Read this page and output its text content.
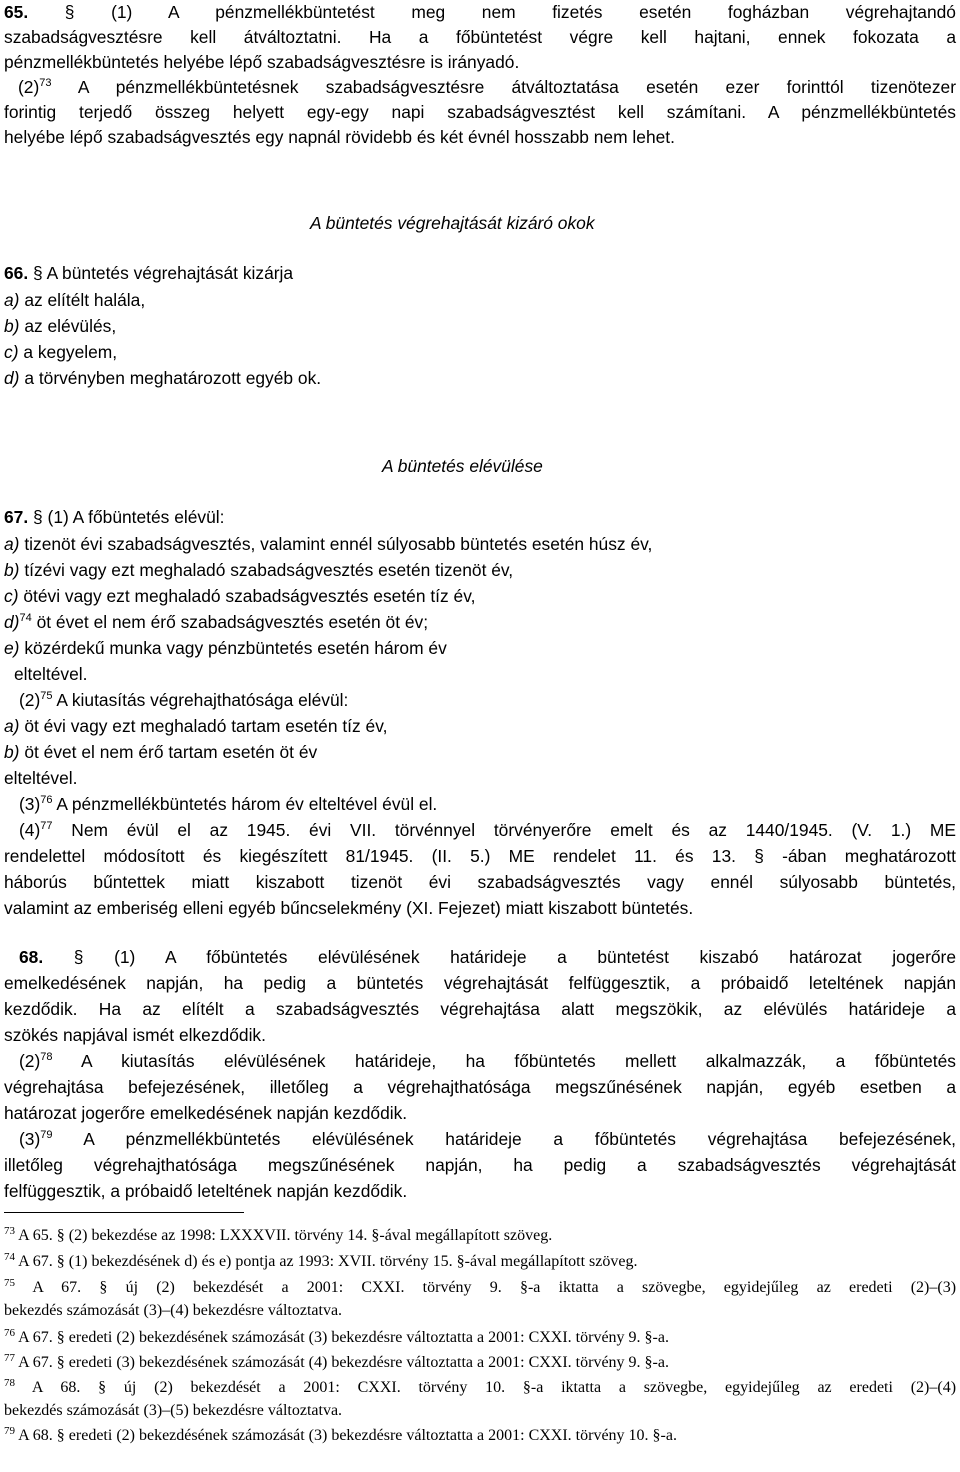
65. § (1) A pénzmellékbüntetést meg nem fizetés esetén fogházban végrehajtandó
szabadságvesztésre kell átváltoztatni. Ha a főbüntetést végre kell hajtani, ennek fokozata a
pénzmellékbüntetés helyébe lépő szabadságvesztésre is irányadó.
$(2)^{73}$ A pénzmellékbüntetésnek szabadságvesztésre átváltoztatása esetén ezer forinttól tizenötezer
forintig terjedő összeg helyett egy-egy napi szabadságvesztést kell számítani. A pénzmellékbüntetés
helyébe lépő szabadságvesztés egy napnál rövidebb és két évnél hosszabb nem lehet.
A büntetés végrehajtását kizáró okok
66. § A büntetés végrehajtását kizárja
a) az elítélt halála,
b) az elévülés,
c) a kegyelem,
d) a törvényben meghatározott egyéb ok.
A büntetés elévülése
67. § (1) A főbüntetés elévül:
a) tizenöt évi szabadságvesztés, valamint ennél súlyosabb büntetés esetén húsz év,
b) tízévi vagy ezt meghaladó szabadságvesztés esetén tizenöt év,
c) ötévi vagy ezt meghaladó szabadságvesztés esetén tíz év,
d)$^{74}$ öt évet el nem érő szabadságvesztés esetén öt év;
e) közérdekű munka vagy pénzbüntetés esetén három év
elteltével.
$(2)^{75}$ A kiutasítás végrehajthatósága elévül:
a) öt évi vagy ezt meghaladó tartam esetén tíz év,
b) öt évet el nem érő tartam esetén öt év
elteltével.
$(3)^{76}$ A pénzmellékbüntetés három év elteltével évül el.
$(4)^{77}$ Nem évül el az 1945. évi VII. törvénnyel törvényerőre emelt és az 1440/1945. (V. 1.) ME
rendelettel módosított és kiegészített 81/1945. (II. 5.) ME rendelet 11. és 13. § -ában meghatározott
háborús bűntettek miatt kiszabott tizenöt évi szabadságvesztés vagy ennél súlyosabb büntetés,
valamint az emberiség elleni egyéb bűncselekmény (XI. Fejezet) miatt kiszabott büntetés.
68. § (1) A főbüntetés elévülésének határideje a büntetést kiszabó határozat jogerőre
emelkedésének napján, ha pedig a büntetés végrehajtását felfüggesztik, a próbaidő leteltének napján
kezdődik. Ha az elítélt a szabadságvesztés végrehajtása alatt megszökik, az elévülés határideje a
szökés napjával ismét elkezdődik.
$(2)^{78}$ A kiutasítás elévülésének határideje, ha főbüntetés mellett alkalmazzák, a főbüntetés
végrehajtása befejezésének, illetőleg a végrehajthatósága megszűnésének napján, egyéb esetben a
határozat jogerőre emelkedésének napján kezdődik.
$(3)^{79}$ A pénzmellékbüntetés elévülésének határideje a főbüntetés végrehajtása befejezésének,
illetőleg végrehajthatósága megszűnésének napján, ha pedig a szabadságvesztés végrehajtását
felfüggesztik, a próbaidő leteltének napján kezdődik.
$^{73}$ A 65. § (2) bekezdése az 1998: LXXXVII. törvény 14. §-ával megállapított szöveg.
$^{74}$ A 67. § (1) bekezdésének d) és e) pontja az 1993: XVII. törvény 15. §-ával megállapított szöveg.
$^{75}$ A 67. § új (2) bekezdését a 2001: CXXI. törvény 9. §-a iktatta a szövegbe, egyidejűleg az eredeti (2)–(3)
bekezdés számozását (3)–(4) bekezdésre változtatva.
$^{76}$ A 67. § eredeti (2) bekezdésének számozását (3) bekezdésre változtatta a 2001: CXXI. törvény 9. §-a.
$^{77}$ A 67. § eredeti (3) bekezdésének számozását (4) bekezdésre változtatta a 2001: CXXI. törvény 9. §-a.
$^{78}$ A 68. § új (2) bekezdését a 2001: CXXI. törvény 10. §-a iktatta a szövegbe, egyidejűleg az eredeti (2)–(4)
bekezdés számozását (3)–(5) bekezdésre változtatva.
$^{79}$ A 68. § eredeti (2) bekezdésének számozását (3) bekezdésre változtatta a 2001: CXXI. törvény 10. §-a.
